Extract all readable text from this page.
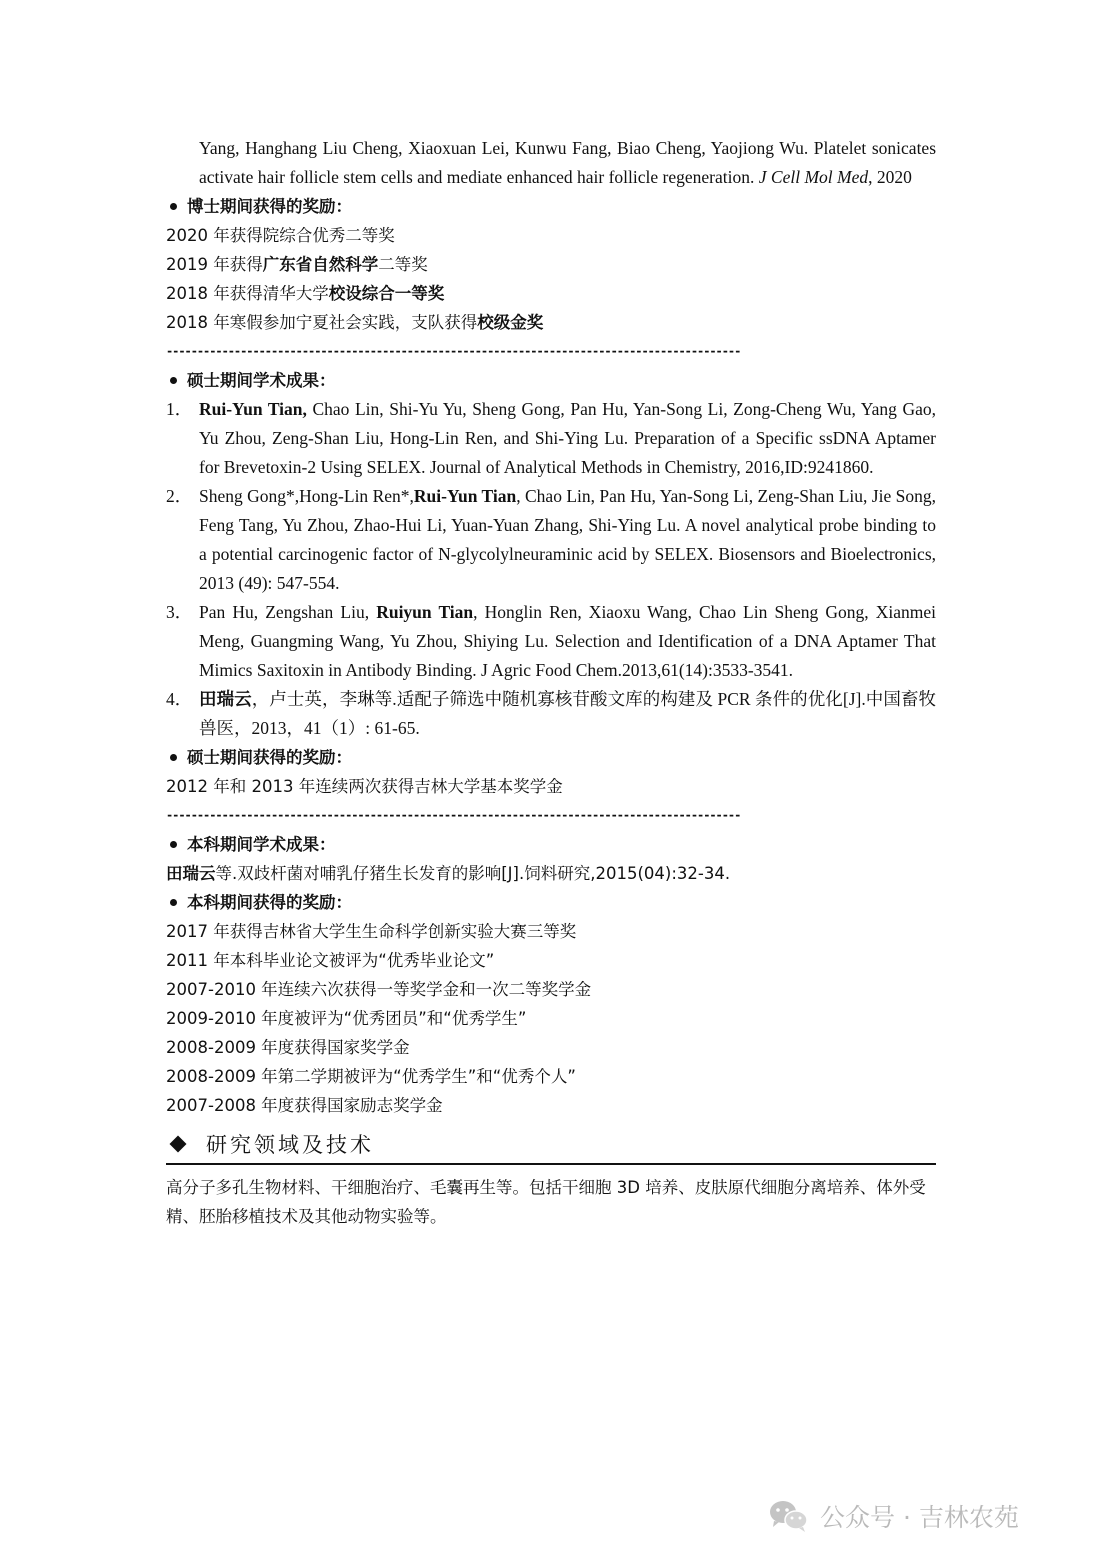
Yang, Hanghang Liu Cheng, Xiaoxuan Lei, Kunwu Fang, Biao Cheng, Yaojiong Wu. Platelet sonicates activate hair follicle stem cells and mediate enhanced hair follicle regeneration. J Cell Mol Med, 2020
博士期间获得的奖励：
2020 年获得院综合优秀二等奖
2019 年获得广东省自然科学二等奖
2018 年获得清华大学校设综合一等奖
2018 年寒假参加宁夏社会实践，支队获得校级金奖
---------------------------------------------------------------------------------------------
硕士期间学术成果：
1． Rui-Yun Tian, Chao Lin, Shi-Yu Yu, Sheng Gong, Pan Hu, Yan-Song Li, Zong-Cheng Wu, Yang Gao, Yu Zhou, Zeng-Shan Liu, Hong-Lin Ren, and Shi-Ying Lu. Preparation of a Specific ssDNA Aptamer for Brevetoxin-2 Using SELEX. Journal of Analytical Methods in Chemistry, 2016,ID:9241860.
2． Sheng Gong*,Hong-Lin Ren*,Rui-Yun Tian, Chao Lin, Pan Hu, Yan-Song Li, Zeng-Shan Liu, Jie Song, Feng Tang, Yu Zhou, Zhao-Hui Li, Yuan-Yuan Zhang, Shi-Ying Lu. A novel analytical probe binding to a potential carcinogenic factor of N-glycolylneuraminic acid by SELEX. Biosensors and Bioelectronics, 2013 (49): 547-554.
3． Pan Hu, Zengshan Liu, Ruiyun Tian, Honglin Ren, Xiaoxu Wang, Chao Lin Sheng Gong, Xianmei Meng, Guangming Wang, Yu Zhou, Shiying Lu. Selection and Identification of a DNA Aptamer That Mimics Saxitoxin in Antibody Binding. J Agric Food Chem.2013,61(14):3533-3541.
4． 田瑞云，卢士英，李琳等.适配子筛选中随机寡核苷酸文库的构建及 PCR 条件的优化[J].中国畜牧兽医，2013，41（1）: 61-65.
硕士期间获得的奖励：
2012 年和 2013 年连续两次获得吉林大学基本奖学金
---------------------------------------------------------------------------------------------
本科期间学术成果：
田瑞云等.双歧杆菌对哺乳仔猪生长发育的影响[J].饲料研究,2015(04):32-34.
本科期间获得的奖励：
2017 年获得吉林省大学生生命科学创新实验大赛三等奖
2011 年本科毕业论文被评为“优秀毕业论文”
2007-2010 年连续六次获得一等奖学金和一次二等奖学金
2009-2010 年度被评为“优秀团员”和“优秀学生”
2008-2009 年度获得国家奖学金
2008-2009 年第二学期被评为“优秀学生”和“优秀个人”
2007-2008 年度获得国家励志奖学金
研究领域及技术
高分子多孔生物材料、干细胞治疗、毛囊再生等。包括干细胞 3D 培养、皮肤原代细胞分离培养、体外受精、胚胎移植技术及其他动物实验等。
公众号 · 吉林农苑
